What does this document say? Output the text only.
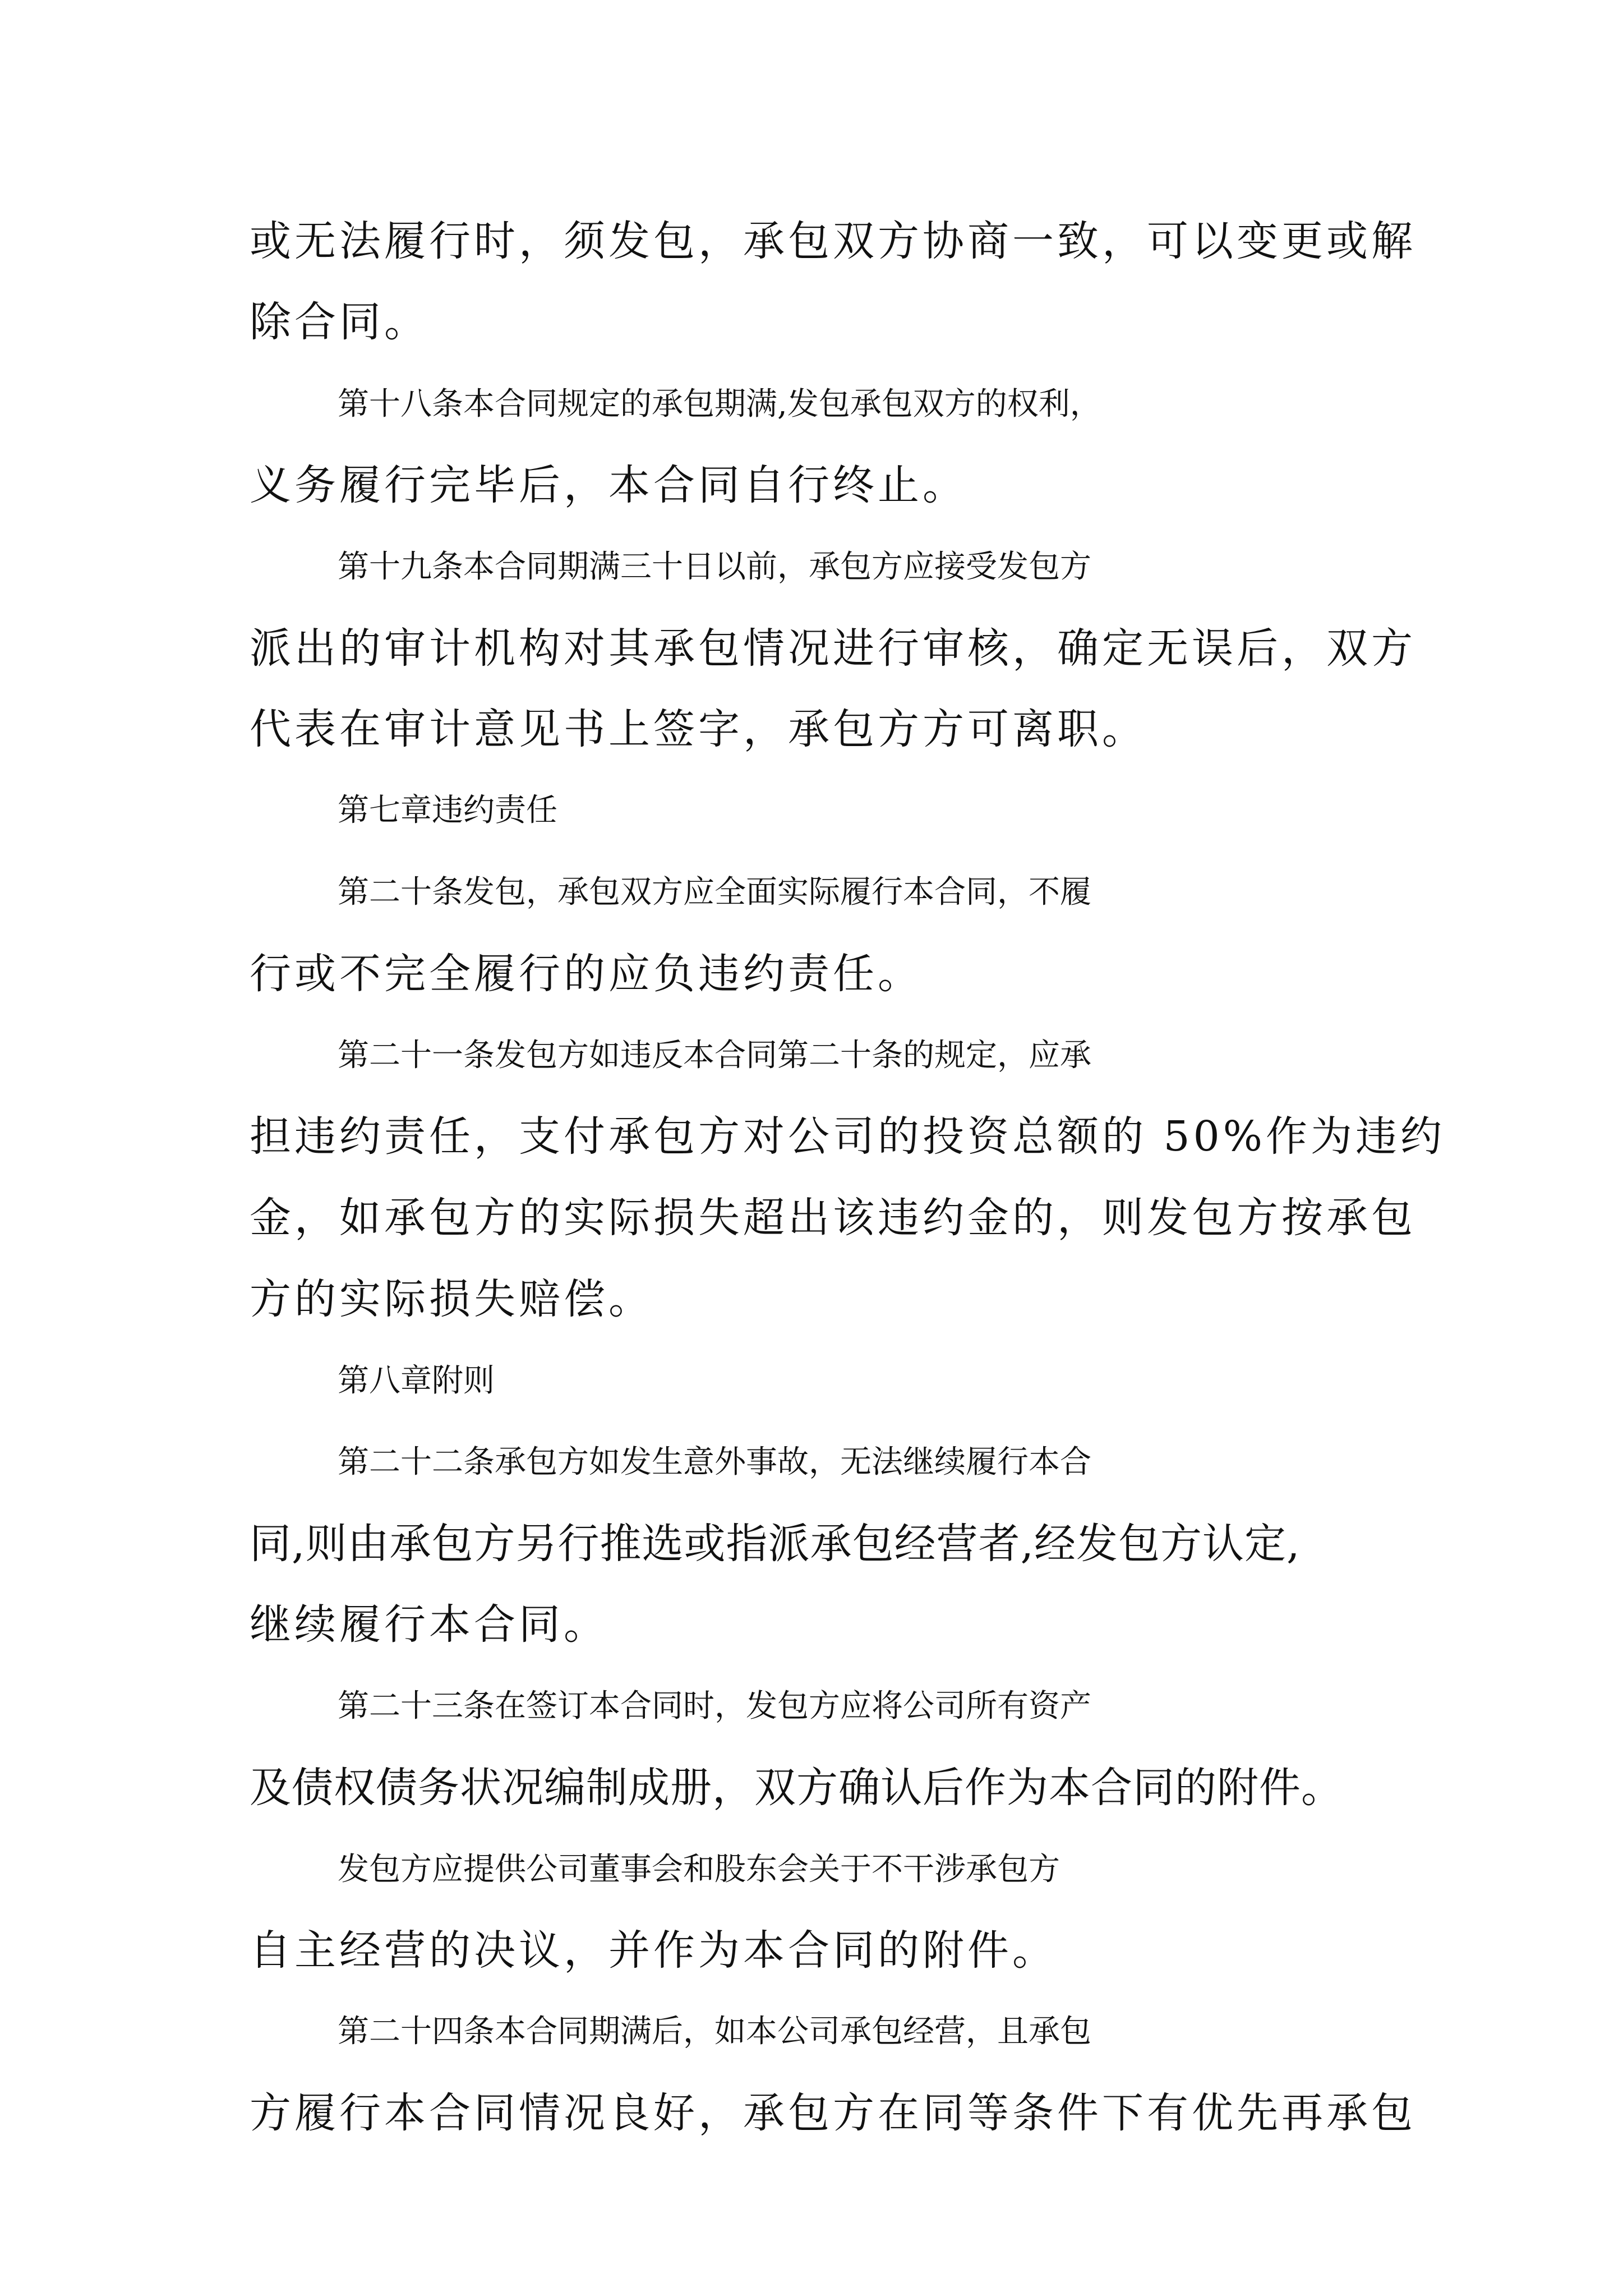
或无法履行时，须发包，承包双方协商一致，可以变更或解
除合同。
第十八条本合同规定的承包期满,发包承包双方的权利，
义务履行完毕后，本合同自行终止。
第十九条本合同期满三十日以前，承包方应接受发包方
派出的审计机构对其承包情况进行审核，确定无误后，双方
代表在审计意见书上签字，承包方方可离职。
第七章违约责任
第二十条发包，承包双方应全面实际履行本合同，不履
行或不完全履行的应负违约责任。
第二十一条发包方如违反本合同第二十条的规定，应承
担违约责任，支付承包方对公司的投资总额的 50%作为违约
金，如承包方的实际损失超出该违约金的，则发包方按承包
方的实际损失赔偿。
第八章附则
第二十二条承包方如发生意外事故，无法继续履行本合
同,则由承包方另行推选或指派承包经营者,经发包方认定,
继续履行本合同。
第二十三条在签订本合同时，发包方应将公司所有资产
及债权债务状况编制成册，双方确认后作为本合同的附件。
发包方应提供公司董事会和股东会关于不干涉承包方
自主经营的决议，并作为本合同的附件。
第二十四条本合同期满后，如本公司承包经营，且承包
方履行本合同情况良好，承包方在同等条件下有优先再承包
